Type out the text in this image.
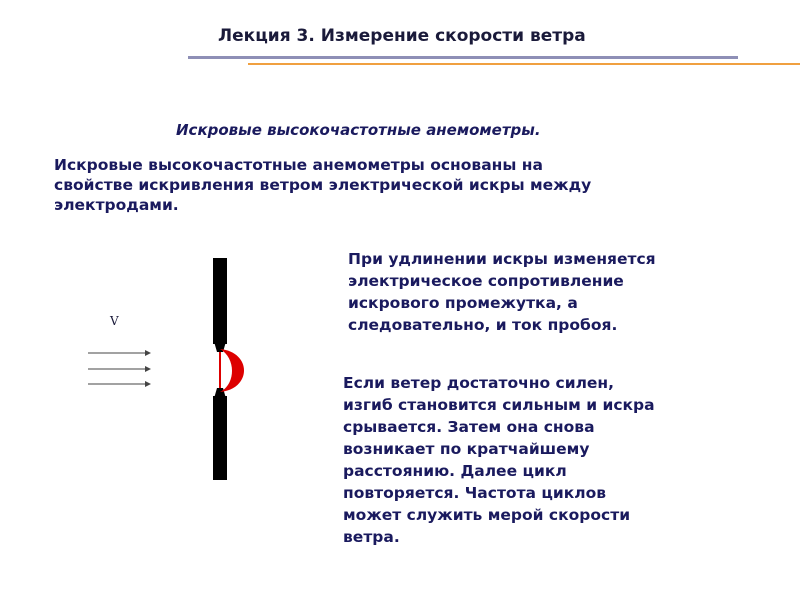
Лекция 3. Измерение скорости ветра
Искровые высокочастотные анемометры.
Искровые высокочастотные анемометры основаны на
свойстве искривления ветром электрической искры между
электродами.
При удлинении искры изменяется
электрическое сопротивление
искрового промежутка, а
следовательно, и ток пробоя.
Если ветер достаточно силен,
изгиб становится сильным и искра
срывается. Затем она снова
возникает по кратчайшему
расстоянию. Далее цикл
повторяется. Частота циклов
может служить мерой скорости
ветра.
V
